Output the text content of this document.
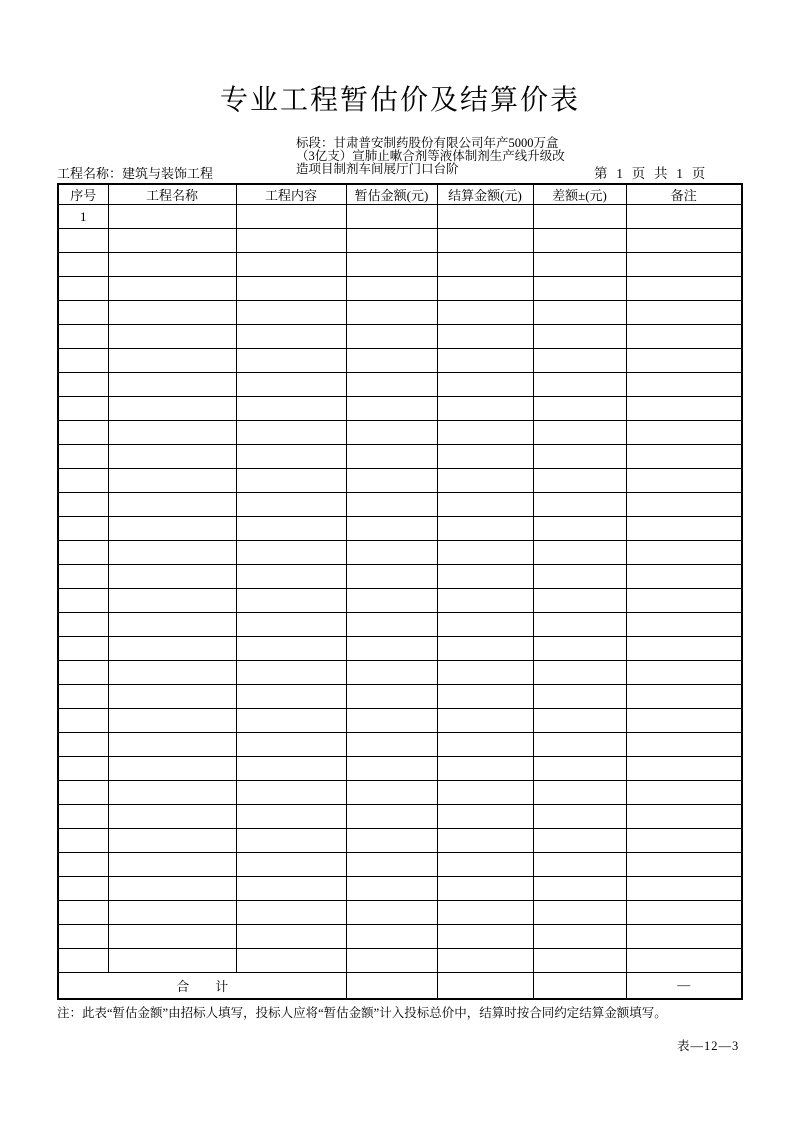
专业工程暂估价及结算价表
标段：甘肃普安制药股份有限公司年产5000万盒
（3亿支）宣肺止嗽合剂等液体制剂生产线升级改
造项目制剂车间展厅门口台阶
工程名称：建筑与装饰工程	第  1  页  共  1  页
序号	工程名称	工程内容	暂估金额(元)	结算金额(元)	差额±(元)	备注
1						

合　　计						—
注：此表“暂估金额”由招标人填写，投标人应将“暂估金额”计入投标总价中，结算时按合同约定结算金额填写。
表—12—3
